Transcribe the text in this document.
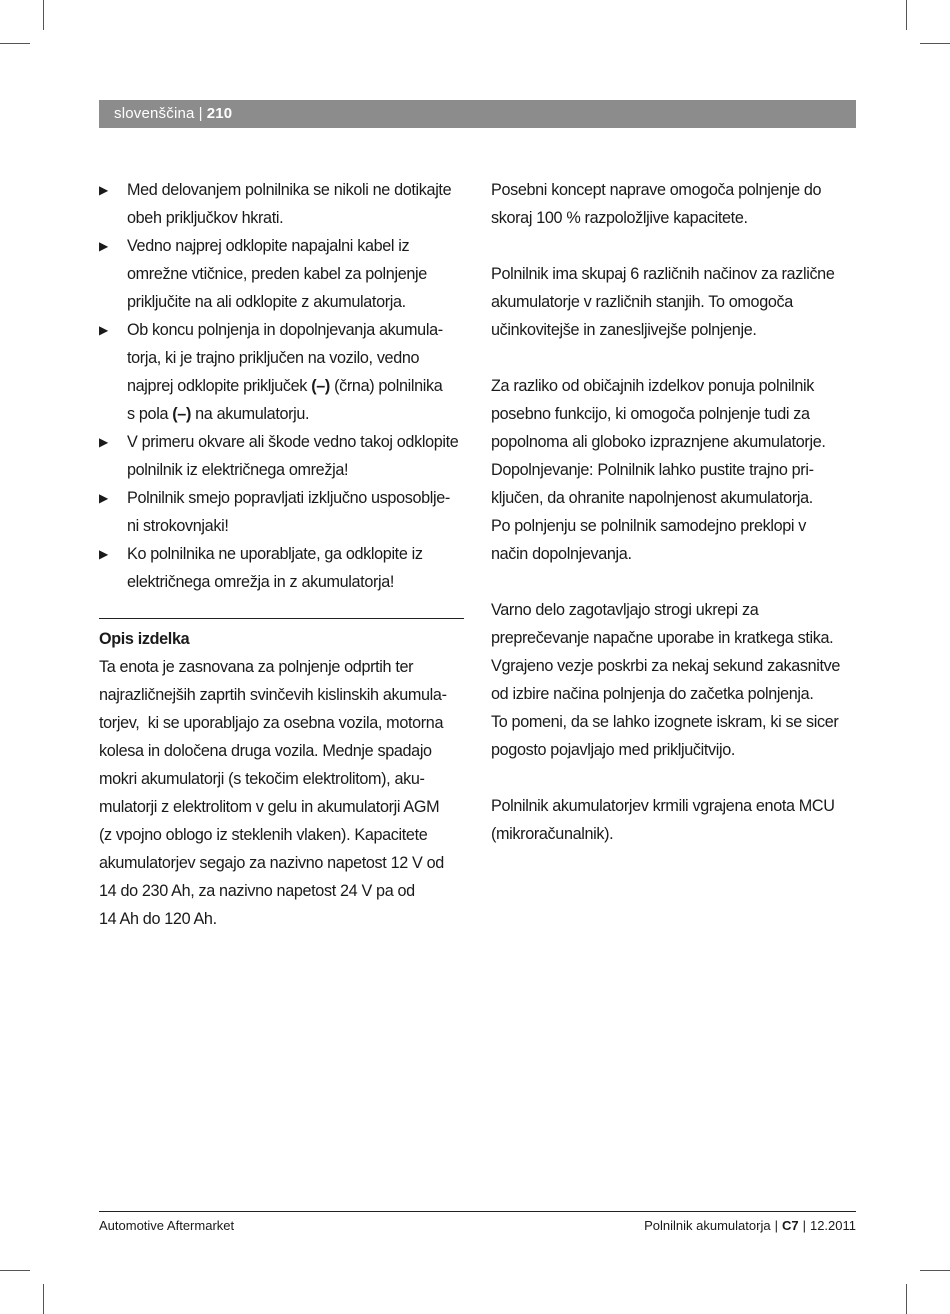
slovenščina | 210
▶ Med delovanjem polnilnika se nikoli ne dotikajte
obeh priključkov hkrati.
▶ Vedno najprej odklopite napajalni kabel iz
omrežne vtičnice, preden kabel za polnjenje
priključite na ali odklopite z akumulatorja.
▶ Ob koncu polnjenja in dopolnjevanja akumula-
torja, ki je trajno priključen na vozilo, vedno
najprej odklopite priključek (–) (črna) polnilnika
s pola (–) na akumulatorju.
▶ V primeru okvare ali škode vedno takoj odklopite
polnilnik iz električnega omrežja!
▶ Polnilnik smejo popravljati izključno usposoblje-
ni strokovnjaki!
▶ Ko polnilnika ne uporabljate, ga odklopite iz
električnega omrežja in z akumulatorja!
Opis izdelka
Ta enota je zasnovana za polnjenje odprtih ter
najrazličnejših zaprtih svinčevih kislinskih akumula-
torjev,  ki se uporabljajo za osebna vozila, motorna
kolesa in določena druga vozila. Mednje spadajo
mokri akumulatorji (s tekočim elektrolitom), aku-
mulatorji z elektrolitom v gelu in akumulatorji AGM
(z vpojno oblogo iz steklenih vlaken). Kapacitete
akumulatorjev segajo za nazivno napetost 12 V od
14 do 230 Ah, za nazivno napetost 24 V pa od
14 Ah do 120 Ah.

Posebni koncept naprave omogoča polnjenje do
skoraj 100 % razpoložljive kapacitete.

Polnilnik ima skupaj 6 različnih načinov za različne
akumulatorje v različnih stanjih. To omogoča
učinkovitejše in zanesljivejše polnjenje.

Za razliko od običajnih izdelkov ponuja polnilnik
posebno funkcijo, ki omogoča polnjenje tudi za
popolnoma ali globoko izpraznjene akumulatorje.
Dopolnjevanje: Polnilnik lahko pustite trajno pri-
ključen, da ohranite napolnjenost akumulatorja.
Po polnjenju se polnilnik samodejno preklopi v
način dopolnjevanja.

Varno delo zagotavljajo strogi ukrepi za
preprečevanje napačne uporabe in kratkega stika.
Vgrajeno vezje poskrbi za nekaj sekund zakasnitve
od izbire načina polnjenja do začetka polnjenja.
To pomeni, da se lahko izognete iskram, ki se sicer
pogosto pojavljajo med priključitvijo.

Polnilnik akumulatorjev krmili vgrajena enota MCU
(mikroračunalnik).

Automotive Aftermarket	Polnilnik akumulatorja | C7 | 12.2011
